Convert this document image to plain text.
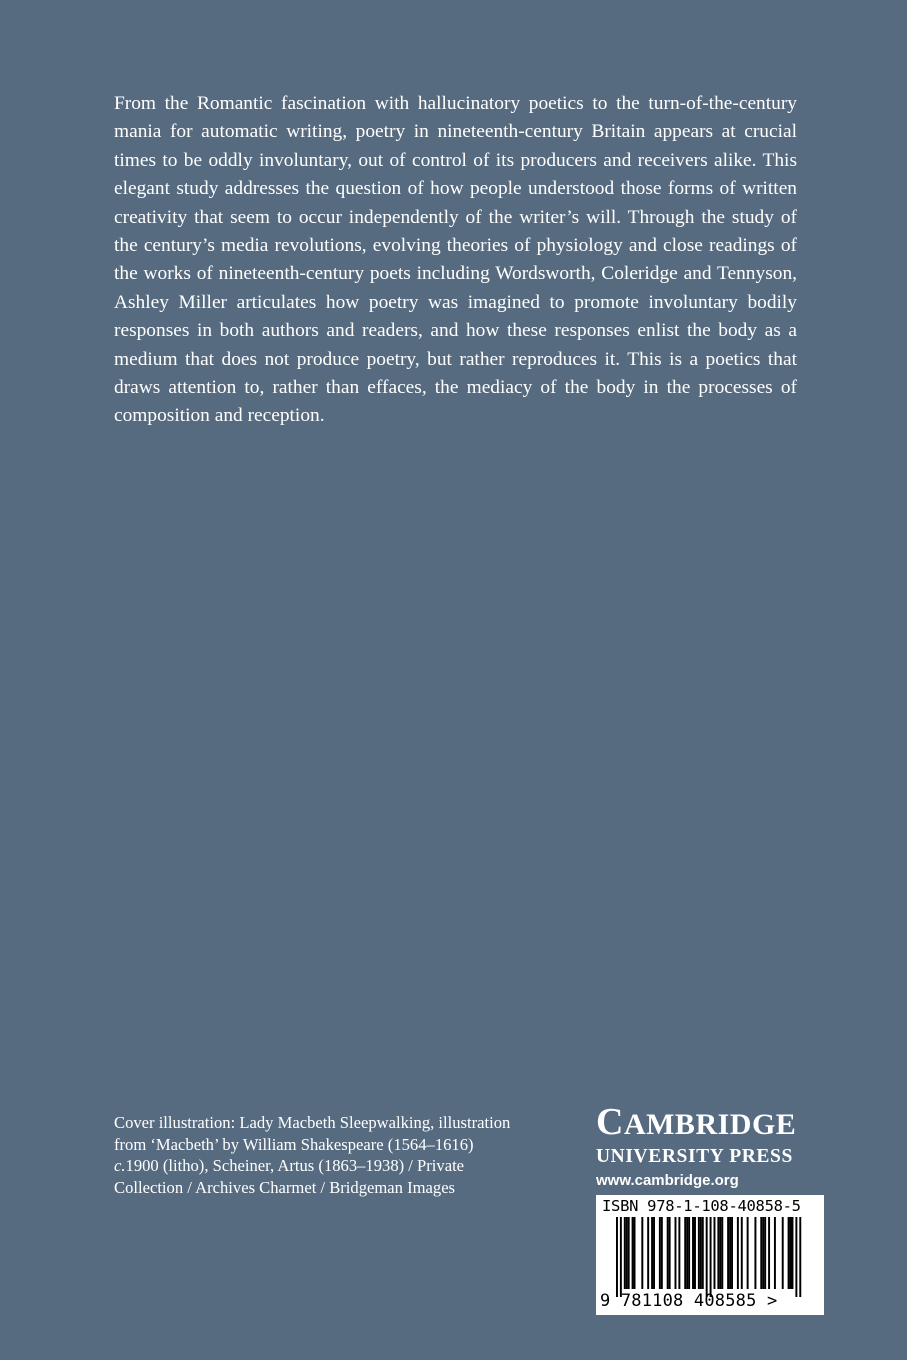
From the Romantic fascination with hallucinatory poetics to the turn-of-the-century mania for automatic writing, poetry in nineteenth-century Britain appears at crucial times to be oddly involuntary, out of control of its producers and receivers alike. This elegant study addresses the question of how people understood those forms of written creativity that seem to occur independently of the writer’s will. Through the study of the century’s media revolutions, evolving theories of physiology and close readings of the works of nineteenth-century poets including Wordsworth, Coleridge and Tennyson, Ashley Miller articulates how poetry was imagined to promote involuntary bodily responses in both authors and readers, and how these responses enlist the body as a medium that does not produce poetry, but rather reproduces it. This is a poetics that draws attention to, rather than effaces, the mediacy of the body in the processes of composition and reception.

Cover illustration: Lady Macbeth Sleepwalking, illustration
from ‘Macbeth’ by William Shakespeare (1564–1616)
c.1900 (litho), Scheiner, Artus (1863–1938) / Private
Collection / Archives Charmet / Bridgeman Images
CAMBRIDGE
UNIVERSITY PRESS
www.cambridge.org
ISBN 978-1-108-40858-5
9 781108 408585 >
